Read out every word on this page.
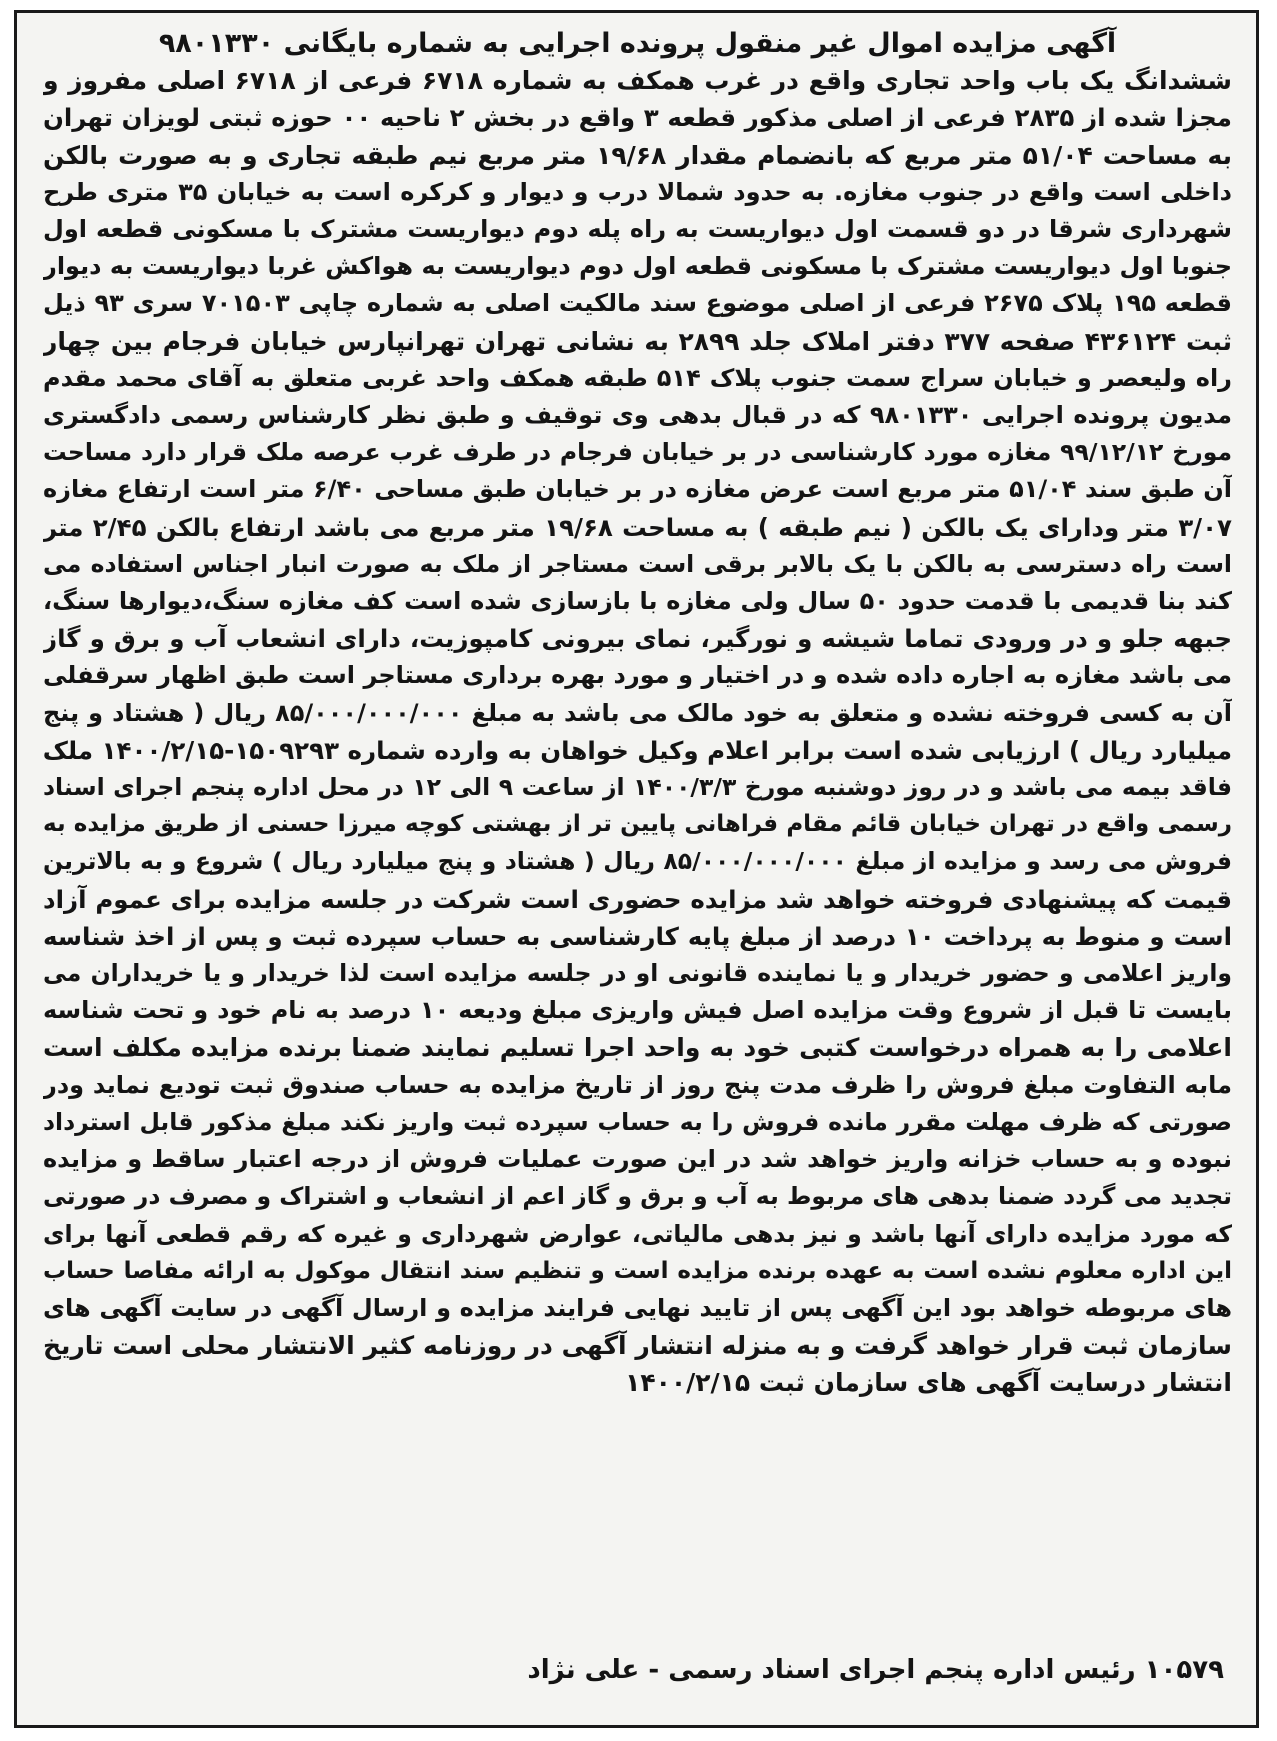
آگهی مزایده اموال غیر منقول پرونده اجرایی به شماره بایگانی ۹۸۰۱۳۳۰
ششدانگ یک باب واحد تجاری واقع در غرب همکف به شماره ۶۷۱۸ فرعی از ۶۷۱۸ اصلی مفروز و
مجزا شده از ۲۸۳۵ فرعی از اصلی مذکور قطعه ۳ واقع در بخش ۲ ناحیه ۰۰ حوزه ثبتی لویزان تهران
به مساحت ۵۱/۰۴ متر مربع که بانضمام مقدار ۱۹/۶۸ متر مربع نیم طبقه تجاری و به صورت بالکن
داخلی است واقع در جنوب مغازه. به حدود شمالا درب و دیوار و کرکره است به خیابان ۳۵ متری طرح
شهرداری شرقا در دو قسمت اول دیواریست به راه پله دوم دیواریست مشترک با مسکونی قطعه اول
جنوبا اول دیواریست مشترک با مسکونی قطعه اول دوم دیواریست به هواکش غربا دیواریست به دیوار
قطعه ۱۹۵ پلاک ۲۶۷۵ فرعی از اصلی موضوع سند مالکیت اصلی به شماره چاپی ۷۰۱۵۰۳ سری ۹۳ ذیل
ثبت ۴۳۶۱۲۴ صفحه ۳۷۷ دفتر املاک جلد ۲۸۹۹ به نشانی تهران تهرانپارس خیابان فرجام بین چهار
راه ولیعصر و خیابان سراج سمت جنوب پلاک ۵۱۴ طبقه همکف واحد غربی متعلق به آقای محمد مقدم
مدیون پرونده اجرایی ۹۸۰۱۳۳۰ که در قبال بدهی وی توقیف و طبق نظر کارشناس رسمی دادگستری
مورخ ۹۹/۱۲/۱۲ مغازه مورد کارشناسی در بر خیابان فرجام در طرف غرب عرصه ملک قرار دارد مساحت
آن طبق سند ۵۱/۰۴ متر مربع است عرض مغازه در بر خیابان طبق مساحی ۶/۴۰ متر است ارتفاع مغازه
۳/۰۷ متر ودارای یک بالکن ( نیم طبقه ) به مساحت ۱۹/۶۸ متر مربع می باشد ارتفاع بالکن ۲/۴۵ متر
است راه دسترسی به بالکن با یک بالابر برقی است مستاجر از ملک به صورت انبار اجناس استفاده می
کند بنا قدیمی با قدمت حدود ۵۰ سال ولی مغازه با بازسازی شده است کف مغازه سنگ،دیوارها سنگ،
جبهه جلو و در ورودی تماما شیشه و نورگیر، نمای بیرونی کامپوزیت، دارای انشعاب آب و برق و گاز
می باشد مغازه به اجاره داده شده و در اختیار و مورد بهره برداری مستاجر است طبق اظهار سرقفلی
آن به کسی فروخته نشده و متعلق به خود مالک می باشد به مبلغ ۸۵/۰۰۰/۰۰۰/۰۰۰ ریال ( هشتاد و پنج
میلیارد ریال ) ارزیابی شده است برابر اعلام وکیل خواهان به وارده شماره ۱۵۰۹۲۹۳-۱۴۰۰/۲/۱۵ ملک
فاقد بیمه می باشد و در روز دوشنبه مورخ ۱۴۰۰/۳/۳ از ساعت ۹ الی ۱۲ در محل اداره پنجم اجرای اسناد
رسمی واقع در تهران خیابان قائم مقام فراهانی پایین تر از بهشتی کوچه میرزا حسنی از طریق مزایده به
فروش می رسد و مزایده از مبلغ ۸۵/۰۰۰/۰۰۰/۰۰۰ ریال ( هشتاد و پنج میلیارد ریال ) شروع و به بالاترین
قیمت که پیشنهادی فروخته خواهد شد مزایده حضوری است شرکت در جلسه مزایده برای عموم آزاد
است و منوط به پرداخت ۱۰ درصد از مبلغ پایه کارشناسی به حساب سپرده ثبت و پس از اخذ شناسه
واریز اعلامی و حضور خریدار و یا نماینده قانونی او در جلسه مزایده است لذا خریدار و یا خریداران می
بایست تا قبل از شروع وقت مزایده اصل فیش واریزی مبلغ ودیعه ۱۰ درصد به نام خود و تحت شناسه
اعلامی را به همراه درخواست کتبی خود به واحد اجرا تسلیم نمایند ضمنا برنده مزایده مکلف است
مابه التفاوت مبلغ فروش را ظرف مدت پنج روز از تاریخ مزایده به حساب صندوق ثبت تودیع نماید ودر
صورتی که ظرف مهلت مقرر مانده فروش را به حساب سپرده ثبت واریز نکند مبلغ مذکور قابل استرداد
نبوده و به حساب خزانه واریز خواهد شد در این صورت عملیات فروش از درجه اعتبار ساقط و مزایده
تجدید می گردد ضمنا بدهی های مربوط به آب و برق و گاز اعم از انشعاب و اشتراک و مصرف در صورتی
که مورد مزایده دارای آنها باشد و نیز بدهی مالیاتی، عوارض شهرداری و غیره که رقم قطعی آنها برای
این اداره معلوم نشده است به عهده برنده مزایده است و تنظیم سند انتقال موکول به ارائه مفاصا حساب
های مربوطه خواهد بود این آگهی پس از تایید نهایی فرایند مزایده و ارسال آگهی در سایت آگهی های
سازمان ثبت قرار خواهد گرفت و به منزله انتشار آگهی در روزنامه کثیر الانتشار محلی است تاریخ
انتشار درسایت آگهی های سازمان ثبت ۱۴۰۰/۲/۱۵
۱۰۵۷۹ رئیس اداره پنجم اجرای اسناد رسمی - علی نژاد
